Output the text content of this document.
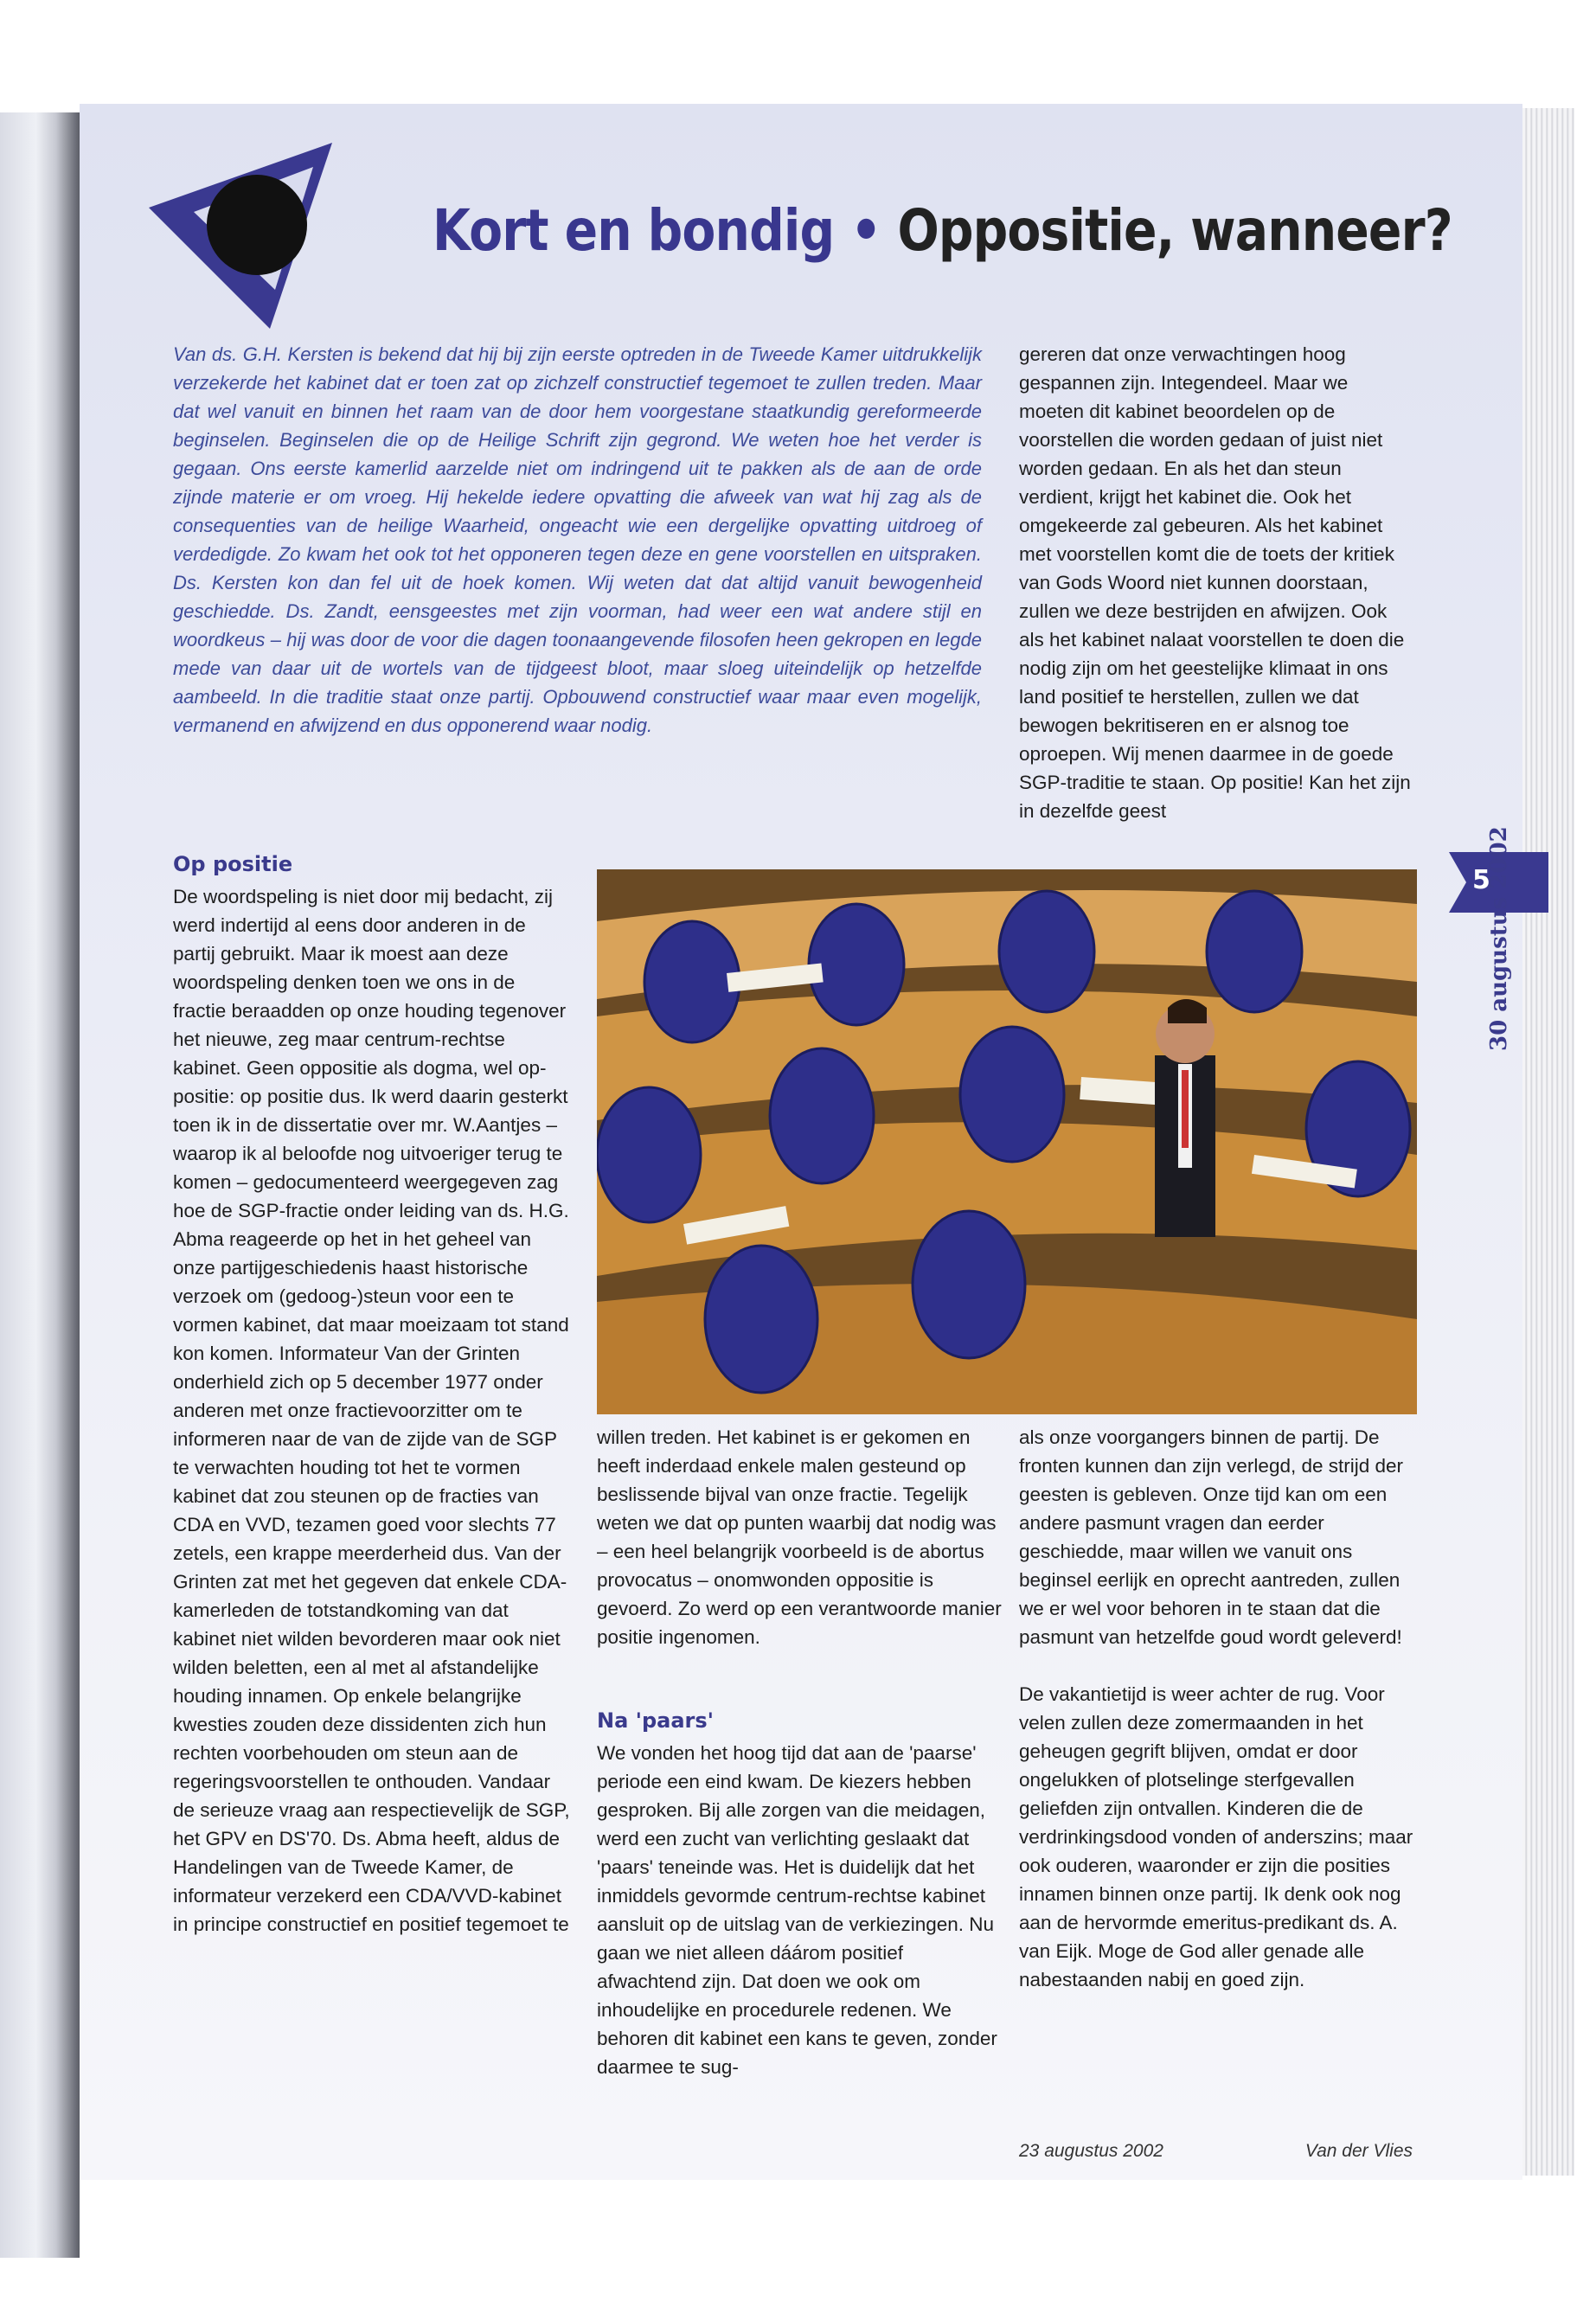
Kort en bondig • Oppositie, wanneer?

Van ds. G.H. Kersten is bekend dat hij bij zijn eerste optreden in de Tweede Kamer uitdrukkelijk verzekerde het kabinet dat er toen zat op zichzelf constructief tegemoet te zullen treden. Maar dat wel vanuit en binnen het raam van de door hem voorgestane staatkundig gereformeerde beginselen. Beginselen die op de Heilige Schrift zijn gegrond. We weten hoe het verder is gegaan. Ons eerste kamerlid aarzelde niet om indringend uit te pakken als de aan de orde zijnde materie er om vroeg. Hij hekelde iedere opvatting die afweek van wat hij zag als de consequenties van de heilige Waarheid, ongeacht wie een dergelijke opvatting uitdroeg of verdedigde. Zo kwam het ook tot het opponeren tegen deze en gene voorstellen en uitspraken. Ds. Kersten kon dan fel uit de hoek komen. Wij weten dat dat altijd vanuit bewogenheid geschiedde. Ds. Zandt, eensgeestes met zijn voorman, had weer een wat andere stijl en woordkeus – hij was door de voor die dagen toonaangevende filosofen heen gekropen en legde mede van daar uit de wortels van de tijdgeest bloot, maar sloeg uiteindelijk op hetzelfde aambeeld. In die traditie staat onze partij. Opbouwend constructief waar maar even mogelijk, vermanend en afwijzend en dus opponerend waar nodig.

Op positie

De woordspeling is niet door mij bedacht, zij werd indertijd al eens door anderen in de partij gebruikt. Maar ik moest aan deze woordspeling denken toen we ons in de fractie beraadden op onze houding tegenover het nieuwe, zeg maar centrum-rechtse kabinet. Geen oppositie als dogma, wel op-positie: op positie dus. Ik werd daarin gesterkt toen ik in de dissertatie over mr. W.Aantjes – waarop ik al beloofde nog uitvoeriger terug te komen – gedocumenteerd weergegeven zag hoe de SGP-fractie onder leiding van ds. H.G. Abma reageerde op het in het geheel van onze partijgeschiedenis haast historische verzoek om (gedoog-)steun voor een te vormen kabinet, dat maar moeizaam tot stand kon komen. Informateur Van der Grinten onderhield zich op 5 december 1977 onder anderen met onze fractievoorzitter om te informeren naar de van de zijde van de SGP te verwachten houding tot het te vormen kabinet dat zou steunen op de fracties van CDA en VVD, tezamen goed voor slechts 77 zetels, een krappe meerderheid dus. Van der Grinten zat met het gegeven dat enkele CDA-kamerleden de totstandkoming van dat kabinet niet wilden bevorderen maar ook niet wilden beletten, een al met al afstandelijke houding innamen. Op enkele belangrijke kwesties zouden deze dissidenten zich hun rechten voorbehouden om steun aan de regeringsvoorstellen te onthouden. Vandaar de serieuze vraag aan respectievelijk de SGP, het GPV en DS'70. Ds. Abma heeft, aldus de Handelingen van de Tweede Kamer, de informateur verzekerd een CDA/VVD-kabinet in principe constructief en positief tegemoet te

willen treden. Het kabinet is er gekomen en heeft inderdaad enkele malen gesteund op beslissende bijval van onze fractie. Tegelijk weten we dat op punten waarbij dat nodig was – een heel belangrijk voorbeeld is de abortus provocatus – onomwonden oppositie is gevoerd. Zo werd op een verantwoorde manier positie ingenomen.

Na 'paars'

We vonden het hoog tijd dat aan de 'paarse' periode een eind kwam. De kiezers hebben gesproken. Bij alle zorgen van die meidagen, werd een zucht van verlichting geslaakt dat 'paars' teneinde was. Het is duidelijk dat het inmiddels gevormde centrum-rechtse kabinet aansluit op de uitslag van de verkiezingen. Nu gaan we niet alleen dáárom positief afwachtend zijn. Dat doen we ook om inhoudelijke en procedurele redenen. We behoren dit kabinet een kans te geven, zonder daarmee te sug-

gereren dat onze verwachtingen hoog gespannen zijn. Integendeel. Maar we moeten dit kabinet beoordelen op de voorstellen die worden gedaan of juist niet worden gedaan. En als het dan steun verdient, krijgt het kabinet die. Ook het omgekeerde zal gebeuren. Als het kabinet met voorstellen komt die de toets der kritiek van Gods Woord niet kunnen doorstaan, zullen we deze bestrijden en afwijzen. Ook als het kabinet nalaat voorstellen te doen die nodig zijn om het geestelijke klimaat in ons land positief te herstellen, zullen we dat bewogen bekritiseren en er alsnog toe oproepen. Wij menen daarmee in de goede SGP-traditie te staan. Op positie! Kan het zijn in dezelfde geest

als onze voorgangers binnen de partij. De fronten kunnen dan zijn verlegd, de strijd der geesten is gebleven. Onze tijd kan om een andere pasmunt vragen dan eerder geschiedde, maar willen we vanuit ons beginsel eerlijk en oprecht aantreden, zullen we er wel voor behoren in te staan dat die pasmunt van hetzelfde goud wordt geleverd!

De vakantietijd is weer achter de rug. Voor velen zullen deze zomermaanden in het geheugen gegrift blijven, omdat er door ongelukken of plotselinge sterfgevallen geliefden zijn ontvallen. Kinderen die de verdrinkingsdood vonden of anderszins; maar ook ouderen, waaronder er zijn die posities innamen binnen onze partij. Ik denk ook nog aan de hervormde emeritus-predikant ds. A. van Eijk. Moge de God aller genade alle nabestaanden nabij en goed zijn.

23 augustus 2002	Van der Vlies
5
30 augustus 2002
